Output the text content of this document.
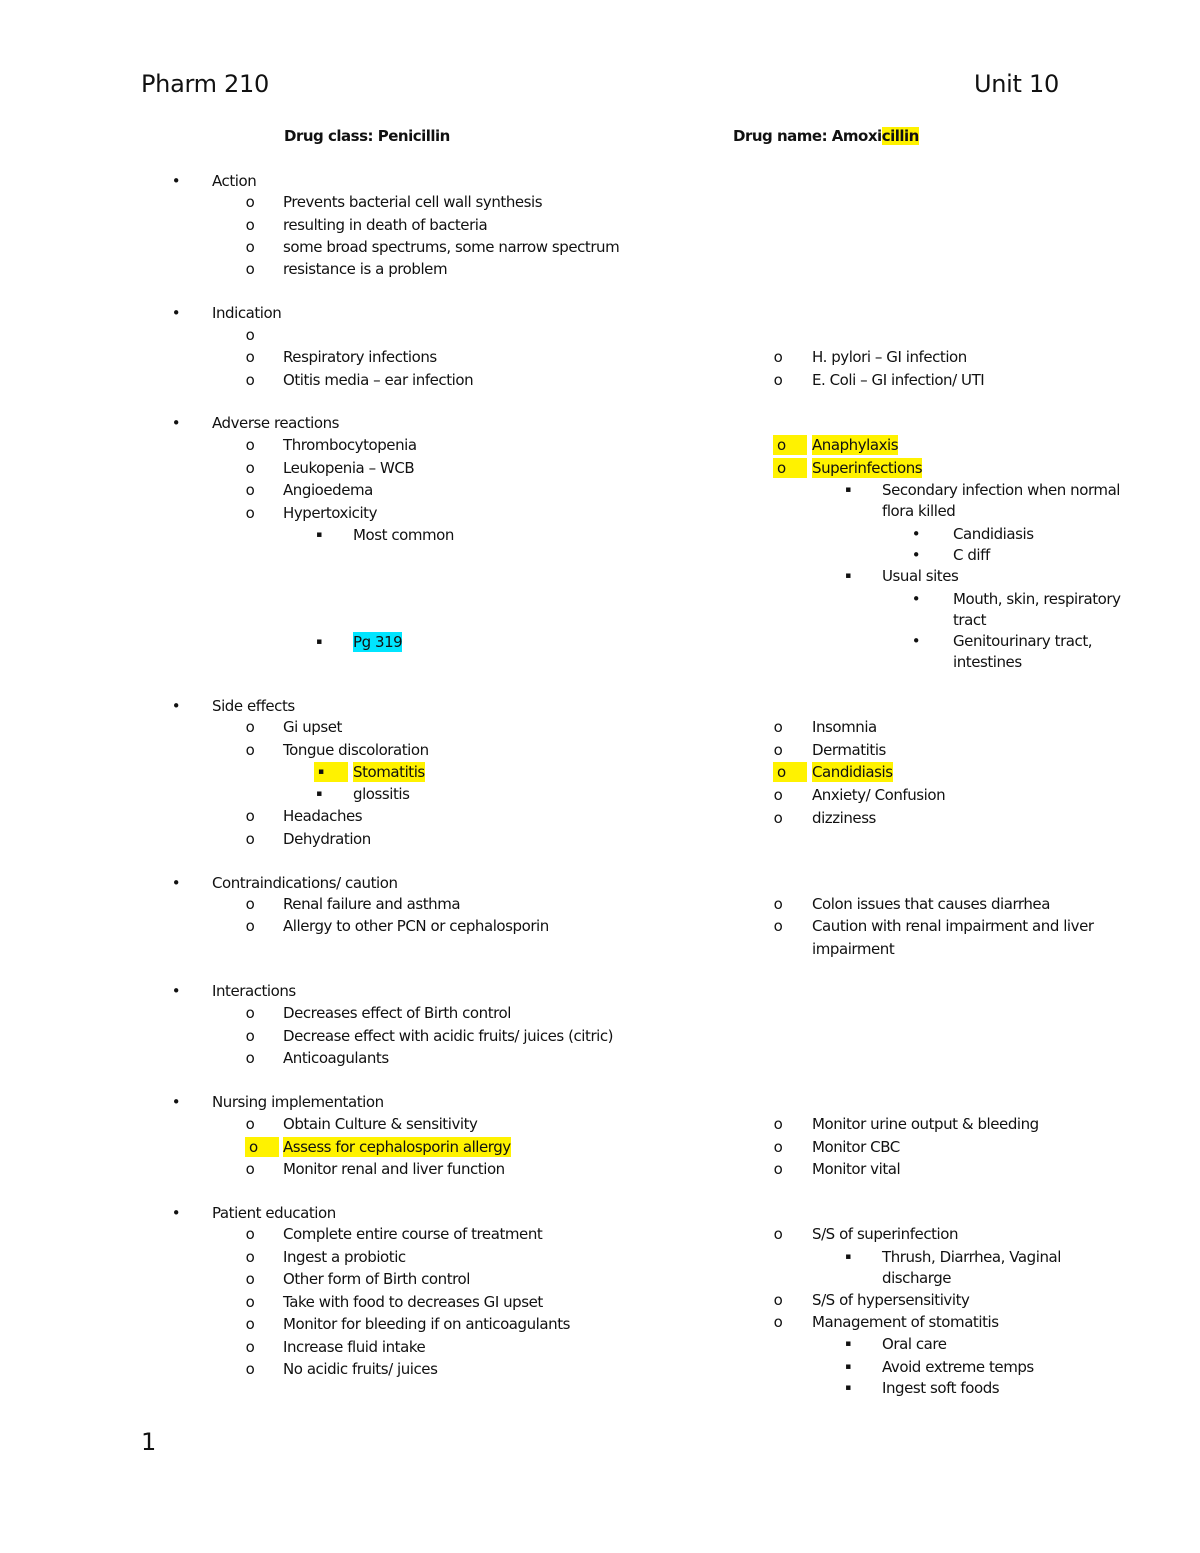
Pharm 210	Unit 10
Drug class: Penicillin	Drug name: Amoxicillin
• Action
o Prevents bacterial cell wall synthesis
o resulting in death of bacteria
o some broad spectrums, some narrow spectrum
o resistance is a problem
• Indication
o
o Respiratory infections
o Otitis media – ear infection
o H. pylori – GI infection
o E. Coli – GI infection/ UTI
• Adverse reactions
o Thrombocytopenia
o Leukopenia – WCB
o Angioedema
o Hypertoxicity
▪ Most common
▪ Pg 319
o	Anaphylaxis
o	Superinfections
▪ Secondary infection when normal
flora killed
• Candidiasis
• C diff
▪ Usual sites
• Mouth, skin, respiratory
tract
• Genitourinary tract,
intestines
• Side effects
o Gi upset
o Tongue discoloration
▪	Stomatitis
▪ glossitis
o Headaches
o Dehydration
o Insomnia
o Dermatitis
o	Candidiasis
o Anxiety/ Confusion
o dizziness
• Contraindications/ caution
o Renal failure and asthma
o Allergy to other PCN or cephalosporin
o Colon issues that causes diarrhea
o Caution with renal impairment and liver
impairment
• Interactions
o Decreases effect of Birth control
o Decrease effect with acidic fruits/ juices (citric)
o Anticoagulants
• Nursing implementation
o Obtain Culture & sensitivity
o	Assess for cephalosporin allergy
o Monitor renal and liver function
o Monitor urine output & bleeding
o Monitor CBC
o Monitor vital
• Patient education
o Complete entire course of treatment
o Ingest a probiotic
o Other form of Birth control
o Take with food to decreases GI upset
o Monitor for bleeding if on anticoagulants
o Increase fluid intake
o No acidic fruits/ juices
o S/S of superinfection
▪ Thrush, Diarrhea, Vaginal
discharge
o S/S of hypersensitivity
o Management of stomatitis
▪ Oral care
▪ Avoid extreme temps
▪ Ingest soft foods
1
